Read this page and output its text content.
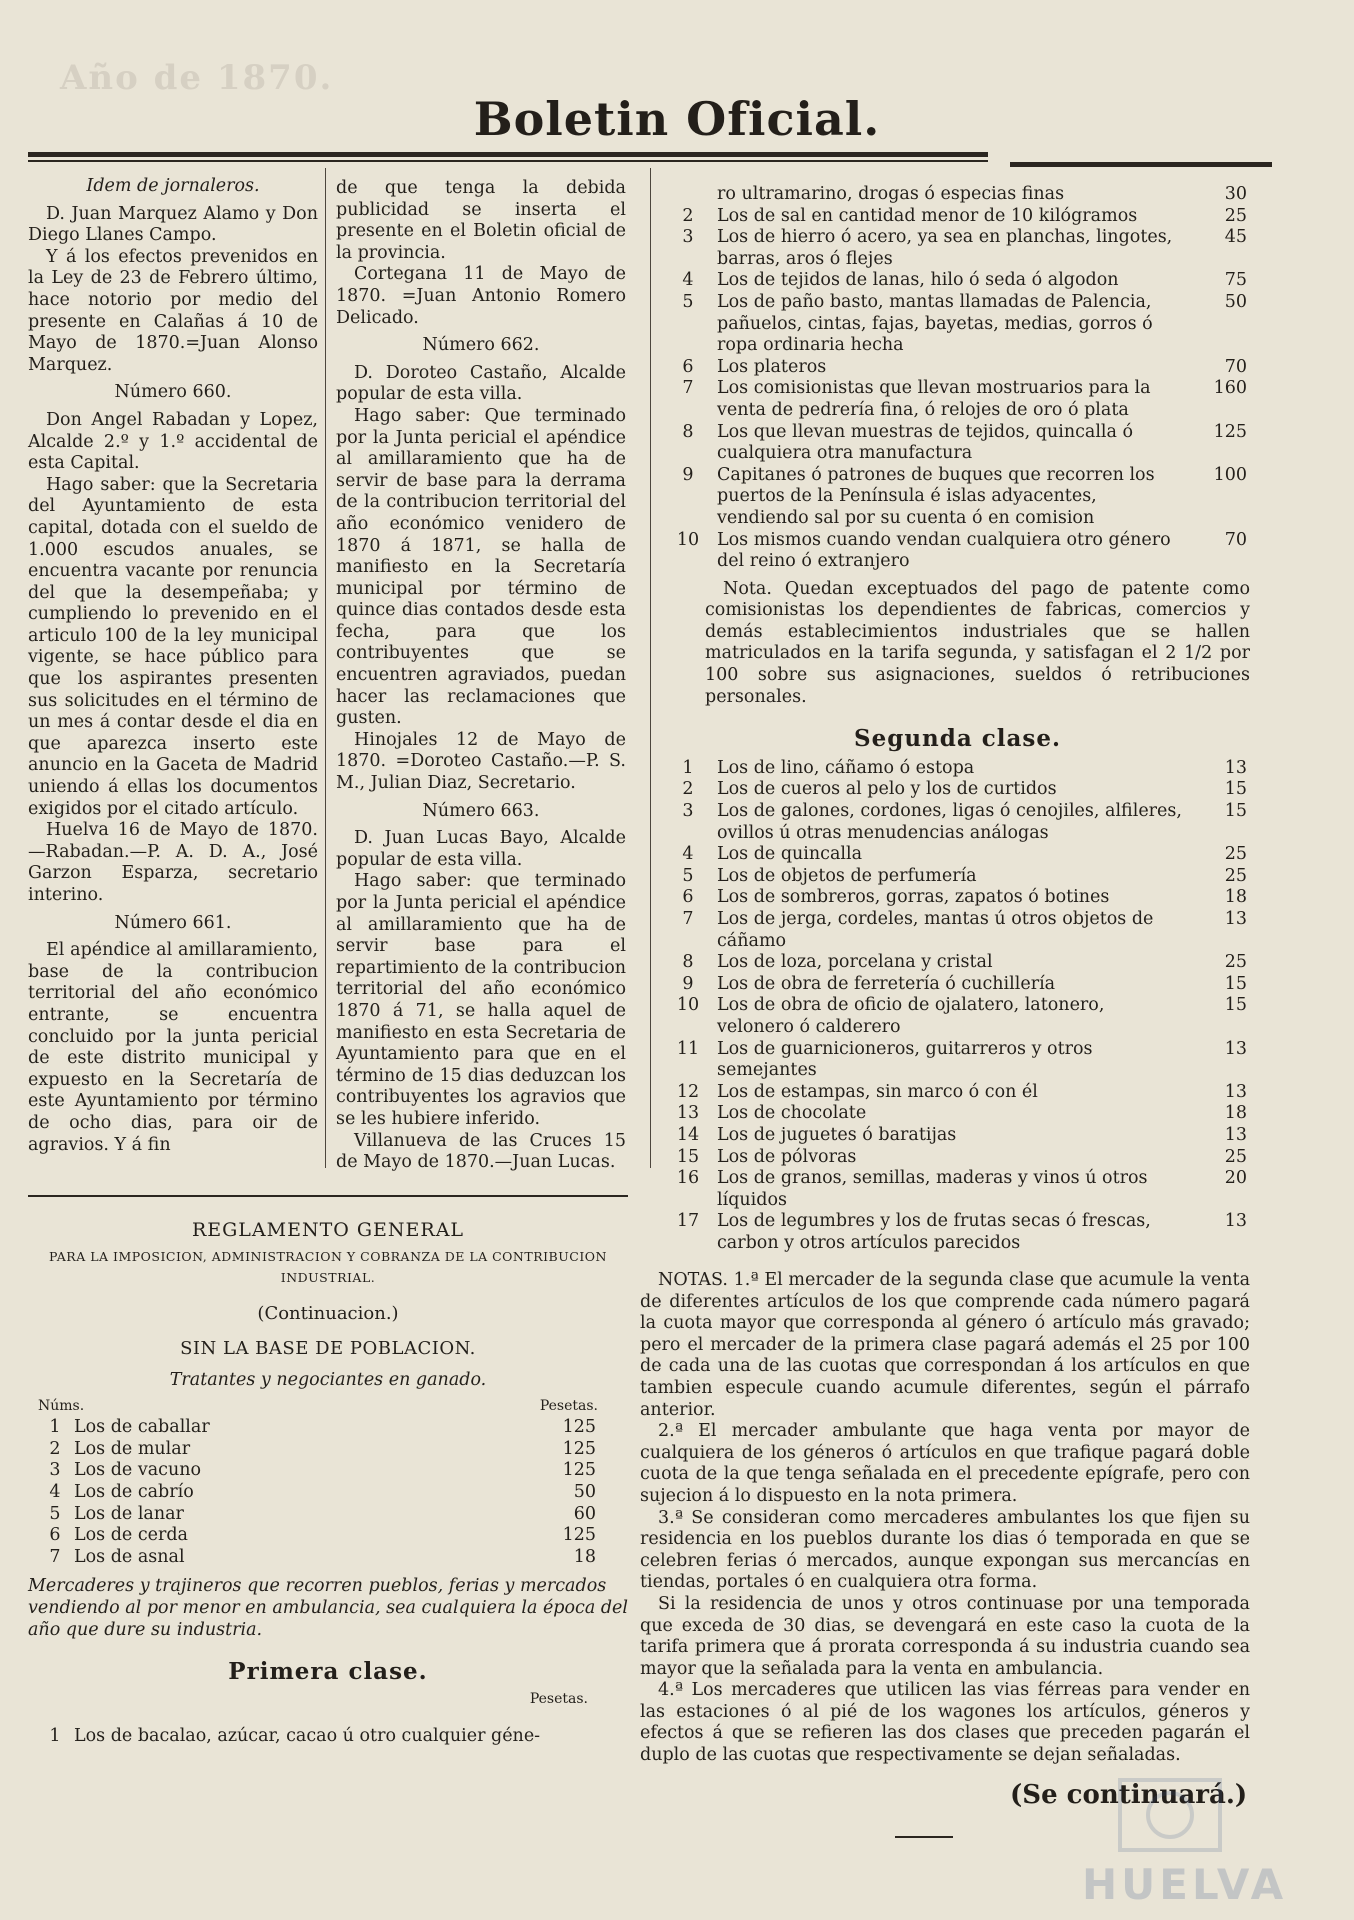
Año de 1870.
Boletin Oficial.

Idem de jornaleros.

D. Juan Marquez Alamo y Don Diego Llanes Campo.

Y á los efectos prevenidos en la Ley de 23 de Febrero último, hace notorio por medio del presente en Calañas á 10 de Mayo de 1870.=Juan Alonso Marquez.

Número 660.

Don Angel Rabadan y Lopez, Alcalde 2.º y 1.º accidental de esta Capital.

Hago saber: que la Secretaria del Ayuntamiento de esta capital, dotada con el sueldo de 1.000 escudos anuales, se encuentra vacante por renuncia del que la desempeñaba; y cumpliendo lo prevenido en el articulo 100 de la ley municipal vigente, se hace público para que los aspirantes presenten sus solicitudes en el término de un mes á contar desde el dia en que aparezca inserto este anuncio en la Gaceta de Madrid uniendo á ellas los documentos exigidos por el citado artículo.

Huelva 16 de Mayo de 1870.—Rabadan.—P. A. D. A., José Garzon Esparza, secretario interino.

Número 661.

El apéndice al amillaramiento, base de la contribucion territorial del año económico entrante, se encuentra concluido por la junta pericial de este distrito municipal y expuesto en la Secretaría de este Ayuntamiento por término de ocho dias, para oir de agravios. Y á fin

de que tenga la debida publicidad se inserta el presente en el Boletin oficial de la provincia.

Cortegana 11 de Mayo de 1870. =Juan Antonio Romero Delicado.

Número 662.

D. Doroteo Castaño, Alcalde popular de esta villa.

Hago saber: Que terminado por la Junta pericial el apéndice al amillaramiento que ha de servir de base para la derrama de la contribucion territorial del año económico venidero de 1870 á 1871, se halla de manifiesto en la Secretaría municipal por término de quince dias contados desde esta fecha, para que los contribuyentes que se encuentren agraviados, puedan hacer las reclamaciones que gusten.

Hinojales 12 de Mayo de 1870. =Doroteo Castaño.—P. S. M., Julian Diaz, Secretario.

Número 663.

D. Juan Lucas Bayo, Alcalde popular de esta villa.

Hago saber: que terminado por la Junta pericial el apéndice al amillaramiento que ha de servir base para el repartimiento de la contribucion territorial del año económico 1870 á 71, se halla aquel de manifiesto en esta Secretaria de Ayuntamiento para que en el término de 15 dias deduzcan los contribuyentes los agravios que se les hubiere inferido.

Villanueva de las Cruces 15 de Mayo de 1870.—Juan Lucas.

	ro ultramarino, drogas ó especias finas	30
2	Los de sal en cantidad menor de 10 kilógramos	25
3	Los de hierro ó acero, ya sea en planchas, lingotes, barras, aros ó flejes	45
4	Los de tejidos de lanas, hilo ó seda ó algodon	75
5	Los de paño basto, mantas llamadas de Palencia, pañuelos, cintas, fajas, bayetas, medias, gorros ó ropa ordinaria hecha	50
6	Los plateros	70
7	Los comisionistas que llevan mostruarios para la venta de pedrería fina, ó relojes de oro ó plata	160
8	Los que llevan muestras de tejidos, quincalla ó cualquiera otra manufactura	125
9	Capitanes ó patrones de buques que recorren los puertos de la Península é islas adyacentes, vendiendo sal por su cuenta ó en comision	100
10	Los mismos cuando vendan cualquiera otro género del reino ó extranjero	70

Nota. Quedan exceptuados del pago de patente como comisionistas los dependientes de fabricas, comercios y demás establecimientos industriales que se hallen matriculados en la tarifa segunda, y satisfagan el 2 1/2 por 100 sobre sus asignaciones, sueldos ó retribuciones personales.

Segunda clase.
1	Los de lino, cáñamo ó estopa	13
2	Los de cueros al pelo y los de curtidos	15
3	Los de galones, cordones, ligas ó cenojiles, alfileres, ovillos ú otras menudencias análogas	15
4	Los de quincalla	25
5	Los de objetos de perfumería	25
6	Los de sombreros, gorras, zapatos ó botines	18
7	Los de jerga, cordeles, mantas ú otros objetos de cáñamo	13
8	Los de loza, porcelana y cristal	25
9	Los de obra de ferretería ó cuchillería	15
10	Los de obra de oficio de ojalatero, latonero, velonero ó calderero	15
11	Los de guarnicioneros, guitarreros y otros semejantes	13
12	Los de estampas, sin marco ó con él	13
13	Los de chocolate	18
14	Los de juguetes ó baratijas	13
15	Los de pólvoras	25
16	Los de granos, semillas, maderas y vinos ú otros líquidos	20
17	Los de legumbres y los de frutas secas ó frescas, carbon y otros artículos parecidos	13

NOTAS. 1.ª El mercader de la segunda clase que acumule la venta de diferentes artículos de los que comprende cada número pagará la cuota mayor que corresponda al género ó artículo más gravado; pero el mercader de la primera clase pagará además el 25 por 100 de cada una de las cuotas que correspondan á los artículos en que tambien especule cuando acumule diferentes, según el párrafo anterior.

2.ª El mercader ambulante que haga venta por mayor de cualquiera de los géneros ó artículos en que trafique pagará doble cuota de la que tenga señalada en el precedente epígrafe, pero con sujecion á lo dispuesto en la nota primera.

3.ª Se consideran como mercaderes ambulantes los que fijen su residencia en los pueblos durante los dias ó temporada en que se celebren ferias ó mercados, aunque expongan sus mercancías en tiendas, portales ó en cualquiera otra forma.

Si la residencia de unos y otros continuase por una temporada que exceda de 30 dias, se devengará en este caso la cuota de la tarifa primera que á prorata corresponda á su industria cuando sea mayor que la señalada para la venta en ambulancia.

4.ª Los mercaderes que utilicen las vias férreas para vender en las estaciones ó al pié de los wagones los artículos, géneros y efectos á que se refieren las dos clases que preceden pagarán el duplo de las cuotas que respectivamente se dejan señaladas.

REGLAMENTO GENERAL
PARA LA IMPOSICION, ADMINISTRACION Y COBRANZA DE LA CONTRIBUCION INDUSTRIAL.
(Continuacion.)
SIN LA BASE DE POBLACION.
Tratantes y negociantes en ganado.
Núms.	Pesetas.
1	Los de caballar	125
2	Los de mular	125
3	Los de vacuno	125
4	Los de cabrío	50
5	Los de lanar	60
6	Los de cerda	125
7	Los de asnal	18

Mercaderes y trajineros que recorren pueblos, ferias y mercados vendiendo al por menor en ambulancia, sea cualquiera la época del año que dure su industria.

Primera clase.
Pesetas.
1	Los de bacalao, azúcar, cacao ú otro cualquier géne-
(Se continuará.)
HUELVA
